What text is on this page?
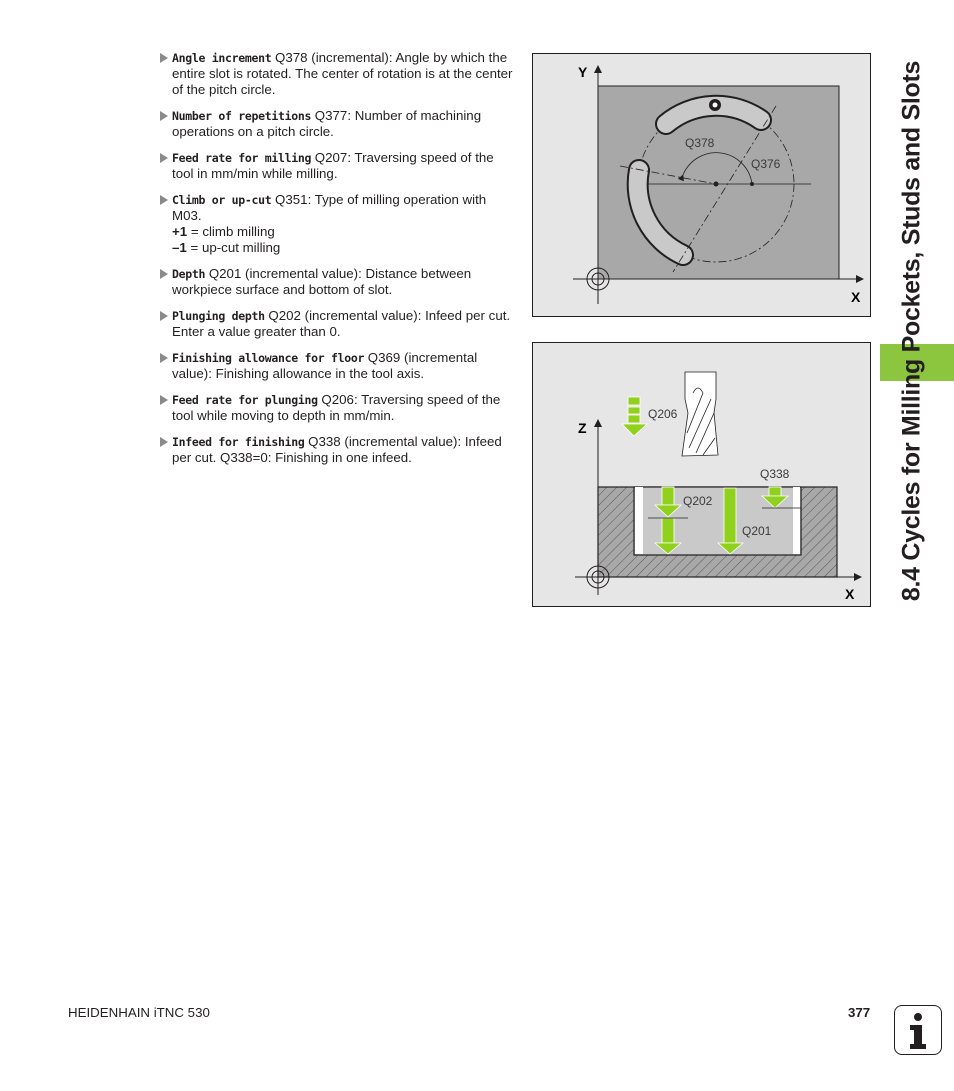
Angle increment Q378 (incremental): Angle by which the entire slot is rotated. The center of rotation is at the center of the pitch circle.
Number of repetitions Q377: Number of machining operations on a pitch circle.
Feed rate for milling Q207: Traversing speed of the tool in mm/min while milling.
Climb or up-cut Q351: Type of milling operation with M03.
+1 = climb milling
–1 = up-cut milling
Depth Q201 (incremental value): Distance between workpiece surface and bottom of slot.
Plunging depth Q202 (incremental value): Infeed per cut. Enter a value greater than 0.
Finishing allowance for floor Q369 (incremental value): Finishing allowance in the tool axis.
Feed rate for plunging Q206: Traversing speed of the tool while moving to depth in mm/min.
Infeed for finishing Q338 (incremental value): Infeed per cut. Q338=0: Finishing in one infeed.
Q378
Q376
Y
X
Q206
Q338
Q202
Q201
Z
X 8.4 Cycles for Milling Pockets, Studs and Slots
HEIDENHAIN iTNC 530	377
